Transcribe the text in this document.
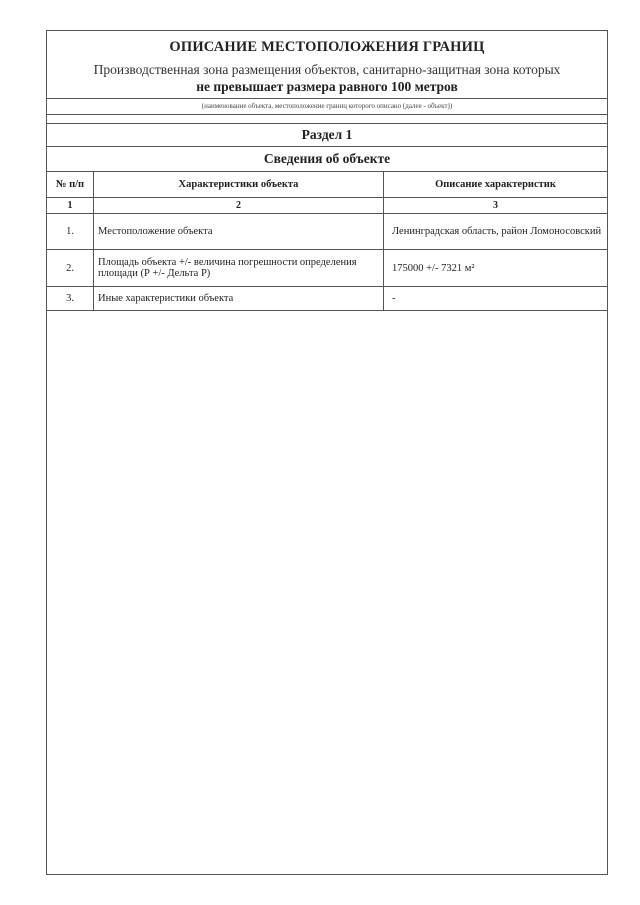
ОПИСАНИЕ МЕСТОПОЛОЖЕНИЯ ГРАНИЦ
Производственная зона размещения объектов, санитарно-защитная зона которых
не превышает размера равного 100 метров
(наименование объекта, местоположение границ которого описано (далее - объект))
Раздел 1
Сведения об объекте
№ п/п	Характеристики объекта	Описание характеристик
1	2	3
1.	Местоположение объекта	Ленинградская область, район Ломоносовский
2.	Площадь объекта +/- величина погрешности определения площади (Р +/- Дельта Р)	175000 +/- 7321 м²
3.	Иные характеристики объекта	-
